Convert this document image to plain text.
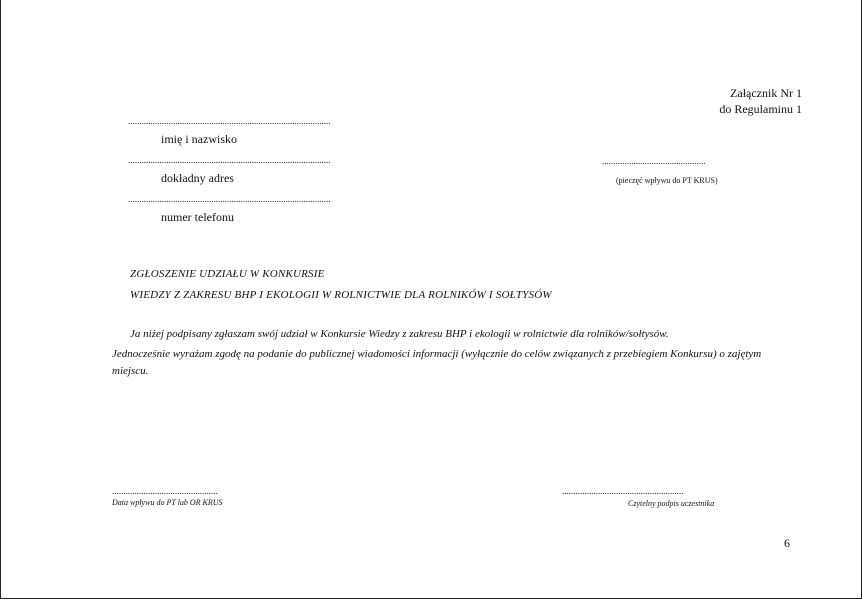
Załącznik Nr 1
do Regulaminu 1
..........................................................................................
imię i nazwisko
..........................................................................................
dokładny adres
..........................................................................................
numer telefonu
..............................................
(pieczęć wpływu do PT KRUS)
ZGŁOSZENIE UDZIAŁU W KONKURSIE
WIEDZY Z ZAKRESU BHP I EKOLOGII W ROLNICTWIE DLA ROLNIKÓW I SOŁTYSÓW
Ja niżej podpisany zgłaszam swój udział w Konkursie Wiedzy z zakresu BHP i ekologii w rolnictwie dla rolników/sołtysów.
Jednocześnie wyrażam zgodę na podanie do publicznej wiadomości informacji (wyłącznie do celów związanych z przebiegiem Konkursu) o zajętym
miejscu.
...............................................
Data wpływu do PT lub OR KRUS
......................................................
Czytelny podpis uczestnika
6
